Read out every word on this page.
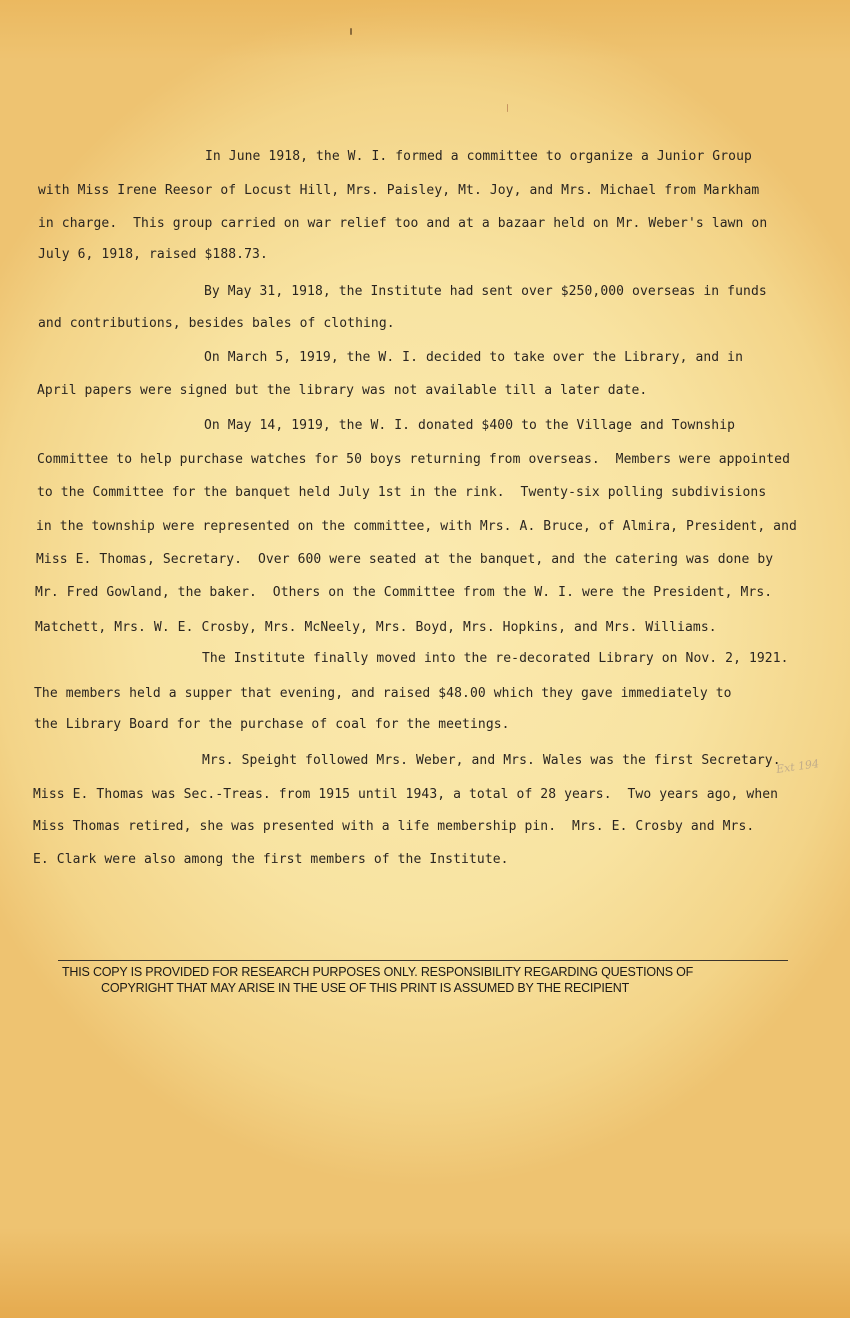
In June 1918, the W. I. formed a committee to organize a Junior Group

with Miss Irene Reesor of Locust Hill, Mrs. Paisley, Mt. Joy, and Mrs. Michael from Markham

in charge.  This group carried on war relief too and at a bazaar held on Mr. Weber's lawn on

July 6, 1918, raised $188.73.

By May 31, 1918, the Institute had sent over $250,000 overseas in funds

and contributions, besides bales of clothing.

On March 5, 1919, the W. I. decided to take over the Library, and in

April papers were signed but the library was not available till a later date.

On May 14, 1919, the W. I. donated $400 to the Village and Township

Committee to help purchase watches for 50 boys returning from overseas.  Members were appointed

to the Committee for the banquet held July 1st in the rink.  Twenty-six polling subdivisions

in the township were represented on the committee, with Mrs. A. Bruce, of Almira, President, and

Miss E. Thomas, Secretary.  Over 600 were seated at the banquet, and the catering was done by

Mr. Fred Gowland, the baker.  Others on the Committee from the W. I. were the President, Mrs.

Matchett, Mrs. W. E. Crosby, Mrs. McNeely, Mrs. Boyd, Mrs. Hopkins, and Mrs. Williams.

The Institute finally moved into the re-decorated Library on Nov. 2, 1921.

The members held a supper that evening, and raised $48.00 which they gave immediately to

the Library Board for the purchase of coal for the meetings.

Mrs. Speight followed Mrs. Weber, and Mrs. Wales was the first Secretary.

Miss E. Thomas was Sec.-Treas. from 1915 until 1943, a total of 28 years.  Two years ago, when

Miss Thomas retired, she was presented with a life membership pin.  Mrs. E. Crosby and Mrs.

E. Clark were also among the first members of the Institute.

Ext 194

THIS COPY IS PROVIDED FOR RESEARCH PURPOSES ONLY. RESPONSIBILITY REGARDING QUESTIONS OF

COPYRIGHT THAT MAY ARISE IN THE USE OF THIS PRINT IS ASSUMED BY THE RECIPIENT
